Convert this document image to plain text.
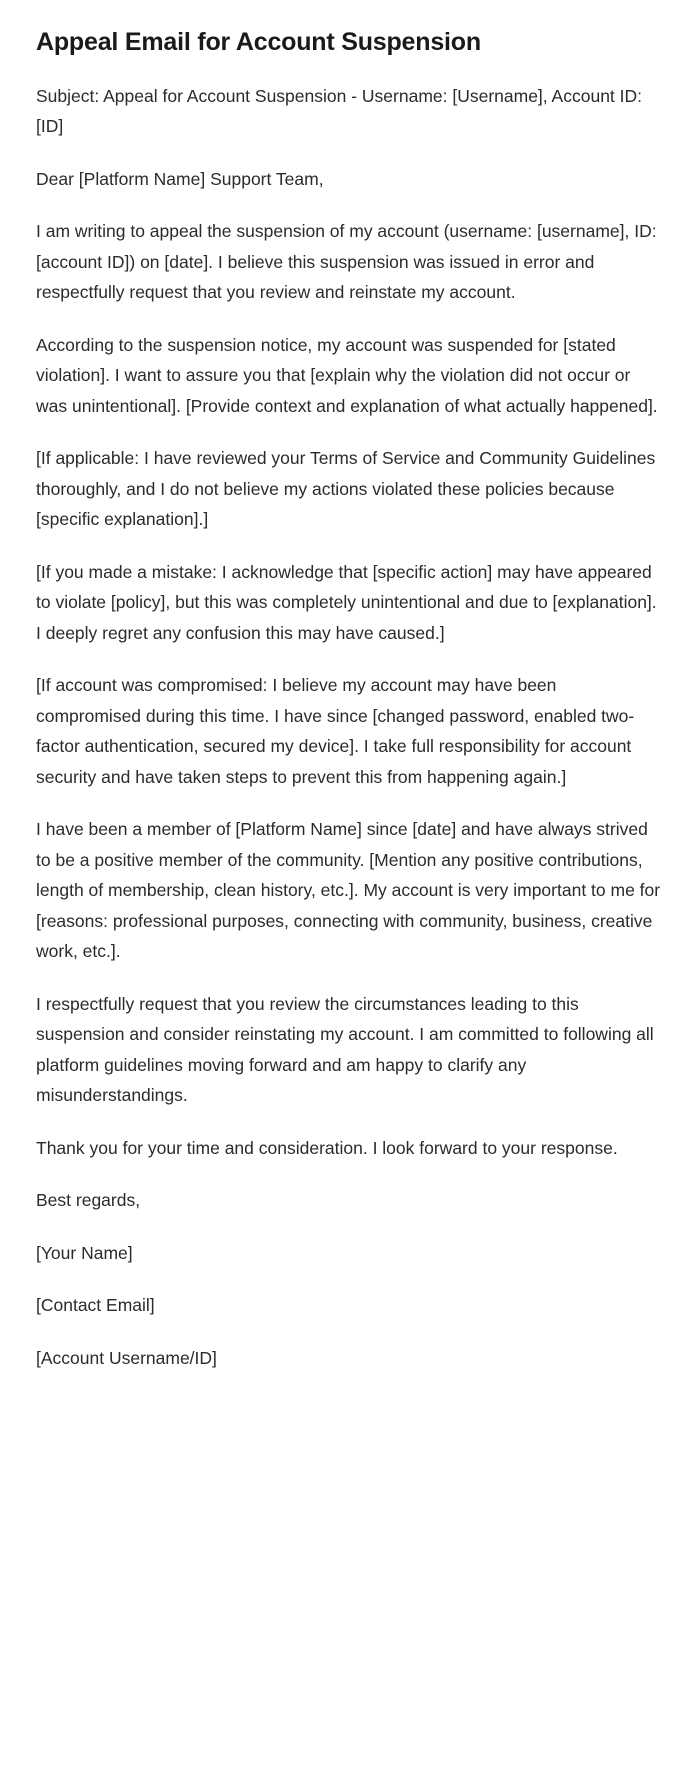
Appeal Email for Account Suspension

Subject: Appeal for Account Suspension - Username: [Username], Account ID: [ID]

Dear [Platform Name] Support Team,

I am writing to appeal the suspension of my account (username: [username], ID: [account ID]) on [date]. I believe this suspension was issued in error and respectfully request that you review and reinstate my account.

According to the suspension notice, my account was suspended for [stated violation]. I want to assure you that [explain why the violation did not occur or was unintentional]. [Provide context and explanation of what actually happened].

[If applicable: I have reviewed your Terms of Service and Community Guidelines thoroughly, and I do not believe my actions violated these policies because [specific explanation].]

[If you made a mistake: I acknowledge that [specific action] may have appeared to violate [policy], but this was completely unintentional and due to [explanation]. I deeply regret any confusion this may have caused.]

[If account was compromised: I believe my account may have been compromised during this time. I have since [changed password, enabled two-factor authentication, secured my device]. I take full responsibility for account security and have taken steps to prevent this from happening again.]

I have been a member of [Platform Name] since [date] and have always strived to be a positive member of the community. [Mention any positive contributions, length of membership, clean history, etc.]. My account is very important to me for [reasons: professional purposes, connecting with community, business, creative work, etc.].

I respectfully request that you review the circumstances leading to this suspension and consider reinstating my account. I am committed to following all platform guidelines moving forward and am happy to clarify any misunderstandings.

Thank you for your time and consideration. I look forward to your response.

Best regards,

[Your Name]

[Contact Email]

[Account Username/ID]
